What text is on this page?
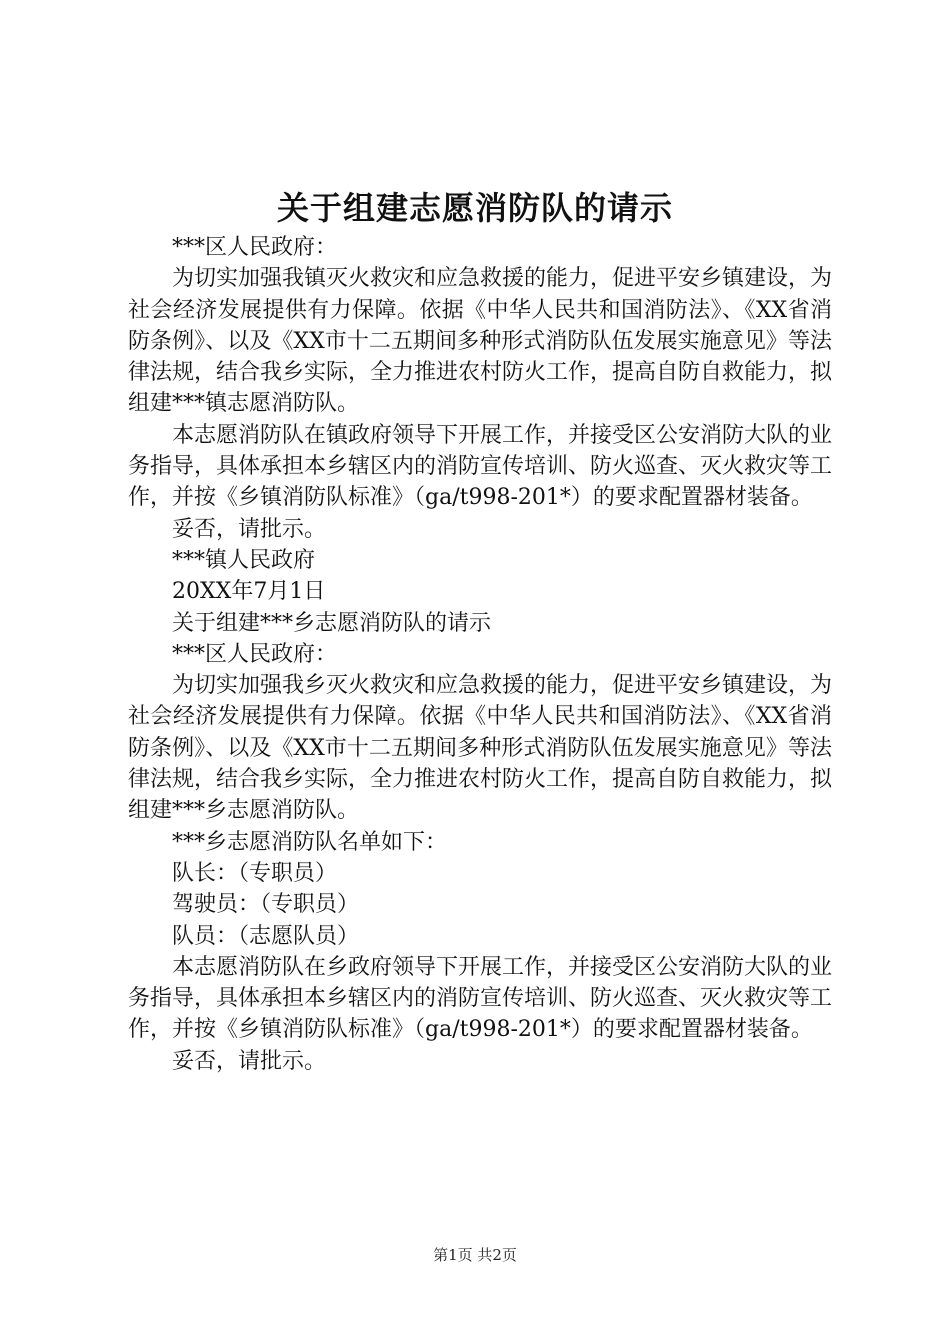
关于组建志愿消防队的请示

***区人民政府：

为切实加强我镇灭火救灾和应急救援的能力，促进平安乡镇建设，为社会经济发展提供有力保障。依据《中华人民共和国消防法》、《XX省消防条例》、以及《XX市十二五期间多种形式消防队伍发展实施意见》等法律法规，结合我乡实际，全力推进农村防火工作，提高自防自救能力，拟组建***镇志愿消防队。

本志愿消防队在镇政府领导下开展工作，并接受区公安消防大队的业务指导，具体承担本乡辖区内的消防宣传培训、防火巡查、灭火救灾等工作，并按《乡镇消防队标准》（ga/t998-201*）的要求配置器材装备。

妥否，请批示。

***镇人民政府

20XX年7月1日

关于组建***乡志愿消防队的请示

***区人民政府：

为切实加强我乡灭火救灾和应急救援的能力，促进平安乡镇建设，为社会经济发展提供有力保障。依据《中华人民共和国消防法》、《XX省消防条例》、以及《XX市十二五期间多种形式消防队伍发展实施意见》等法律法规，结合我乡实际，全力推进农村防火工作，提高自防自救能力，拟组建***乡志愿消防队。

***乡志愿消防队名单如下：

队长：（专职员）

驾驶员：（专职员）

队员：（志愿队员）

本志愿消防队在乡政府领导下开展工作，并接受区公安消防大队的业务指导，具体承担本乡辖区内的消防宣传培训、防火巡查、灭火救灾等工作，并按《乡镇消防队标准》（ga/t998-201*）的要求配置器材装备。

妥否，请批示。

第1页 共2页
